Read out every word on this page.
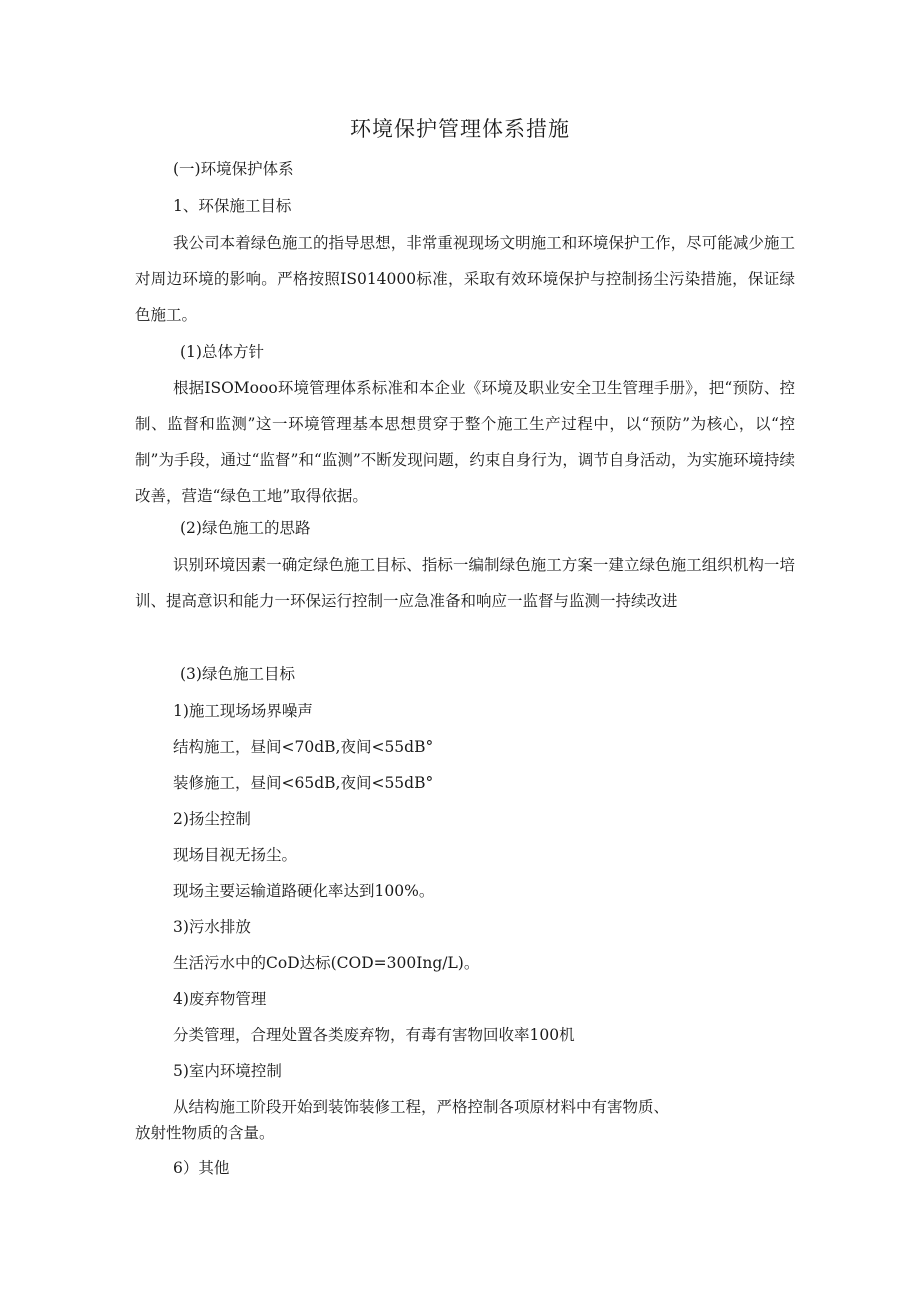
环境保护管理体系措施

(一)环境保护体系

1、环保施工目标

我公司本着绿色施工的指导思想，非常重视现场文明施工和环境保护工作，尽可能减少施工对周边环境的影响。严格按照IS014000标准，采取有效环境保护与控制扬尘污染措施，保证绿色施工。

(1)总体方针

根据ISOMooo环境管理体系标准和本企业《环境及职业安全卫生管理手册》，把“预防、控制、监督和监测”这一环境管理基本思想贯穿于整个施工生产过程中，以“预防”为核心，以“控制”为手段，通过“监督”和“监测”不断发现问题，约束自身行为，调节自身活动，为实施环境持续改善，营造“绿色工地”取得依据。

(2)绿色施工的思路

识别环境因素一确定绿色施工目标、指标一编制绿色施工方案一建立绿色施工组织机构一培训、提高意识和能力一环保运行控制一应急准备和响应一监督与监测一持续改进

(3)绿色施工目标

1)施工现场场界噪声

结构施工，昼间<70dB,夜间<55dB°

装修施工，昼间<65dB,夜间<55dB°

2)扬尘控制

现场目视无扬尘。

现场主要运输道路硬化率达到100%。

3)污水排放

生活污水中的CoD达标(COD=300Ing/L)。

4)废弃物管理

分类管理，合理处置各类废弃物，有毒有害物回收率100机

5)室内环境控制

从结构施工阶段开始到装饰装修工程，严格控制各项原材料中有害物质、

放射性物质的含量。

6）其他
